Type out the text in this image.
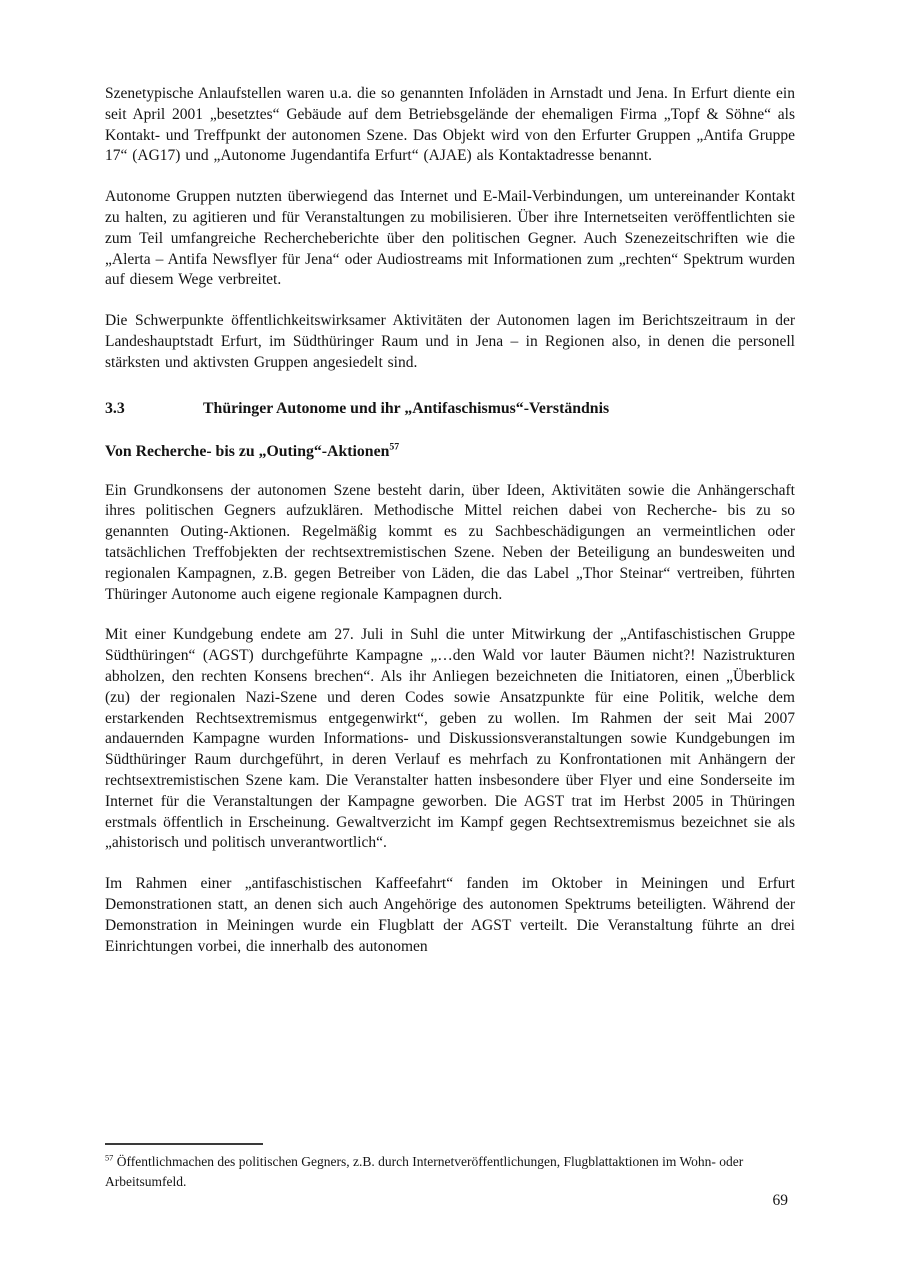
Szenetypische Anlaufstellen waren u.a. die so genannten Infoläden in Arnstadt und Jena. In Erfurt diente ein seit April 2001 „besetztes“ Gebäude auf dem Betriebsgelände der ehemaligen Firma „Topf & Söhne“ als Kontakt- und Treffpunkt der autonomen Szene. Das Objekt wird von den Erfurter Gruppen „Antifa Gruppe 17“ (AG17) und „Autonome Jugendantifa Erfurt“ (AJAE) als Kontaktadresse benannt.

Autonome Gruppen nutzten überwiegend das Internet und E-Mail-Verbindungen, um untereinander Kontakt zu halten, zu agitieren und für Veranstaltungen zu mobilisieren. Über ihre Internetseiten veröffentlichten sie zum Teil umfangreiche Rechercheberichte über den politischen Gegner. Auch Szenezeitschriften wie die „Alerta – Antifa Newsflyer für Jena“ oder Audiostreams mit Informationen zum „rechten“ Spektrum wurden auf diesem Wege verbreitet.

Die Schwerpunkte öffentlichkeitswirksamer Aktivitäten der Autonomen lagen im Berichtszeitraum in der Landeshauptstadt Erfurt, im Südthüringer Raum und in Jena – in Regionen also, in denen die personell stärksten und aktivsten Gruppen angesiedelt sind.

3.3	Thüringer Autonome und ihr „Antifaschismus“-Verständnis
Von Recherche- bis zu „Outing“-Aktionen$^{57}$

Ein Grundkonsens der autonomen Szene besteht darin, über Ideen, Aktivitäten sowie die Anhängerschaft ihres politischen Gegners aufzuklären. Methodische Mittel reichen dabei von Recherche- bis zu so genannten Outing-Aktionen. Regelmäßig kommt es zu Sachbeschädigungen an vermeintlichen oder tatsächlichen Treffobjekten der rechtsextremistischen Szene. Neben der Beteiligung an bundesweiten und regionalen Kampagnen, z.B. gegen Betreiber von Läden, die das Label „Thor Steinar“ vertreiben, führten Thüringer Autonome auch eigene regionale Kampagnen durch.

Mit einer Kundgebung endete am 27. Juli in Suhl die unter Mitwirkung der „Antifaschistischen Gruppe Südthüringen“ (AGST) durchgeführte Kampagne „…den Wald vor lauter Bäumen nicht?! Nazistrukturen abholzen, den rechten Konsens brechen“. Als ihr Anliegen bezeichneten die Initiatoren, einen „Überblick (zu) der regionalen Nazi-Szene und deren Codes sowie Ansatzpunkte für eine Politik, welche dem erstarkenden Rechtsextremismus entgegenwirkt“, geben zu wollen. Im Rahmen der seit Mai 2007 andauernden Kampagne wurden Informations- und Diskussionsveranstaltungen sowie Kundgebungen im Südthüringer Raum durchgeführt, in deren Verlauf es mehrfach zu Konfrontationen mit Anhängern der rechtsextremistischen Szene kam. Die Veranstalter hatten insbesondere über Flyer und eine Sonderseite im Internet für die Veranstaltungen der Kampagne geworben. Die AGST trat im Herbst 2005 in Thüringen erstmals öffentlich in Erscheinung. Gewaltverzicht im Kampf gegen Rechtsextremismus bezeichnet sie als „ahistorisch und politisch unverantwortlich“.

Im Rahmen einer „antifaschistischen Kaffeefahrt“ fanden im Oktober in Meiningen und Erfurt Demonstrationen statt, an denen sich auch Angehörige des autonomen Spektrums beteiligten. Während der Demonstration in Meiningen wurde ein Flugblatt der AGST verteilt. Die Veranstaltung führte an drei Einrichtungen vorbei, die innerhalb des autonomen

$^{57}$ Öffentlichmachen des politischen Gegners, z.B. durch Internetveröffentlichungen, Flugblattaktionen im Wohn- oder Arbeitsumfeld.
69
